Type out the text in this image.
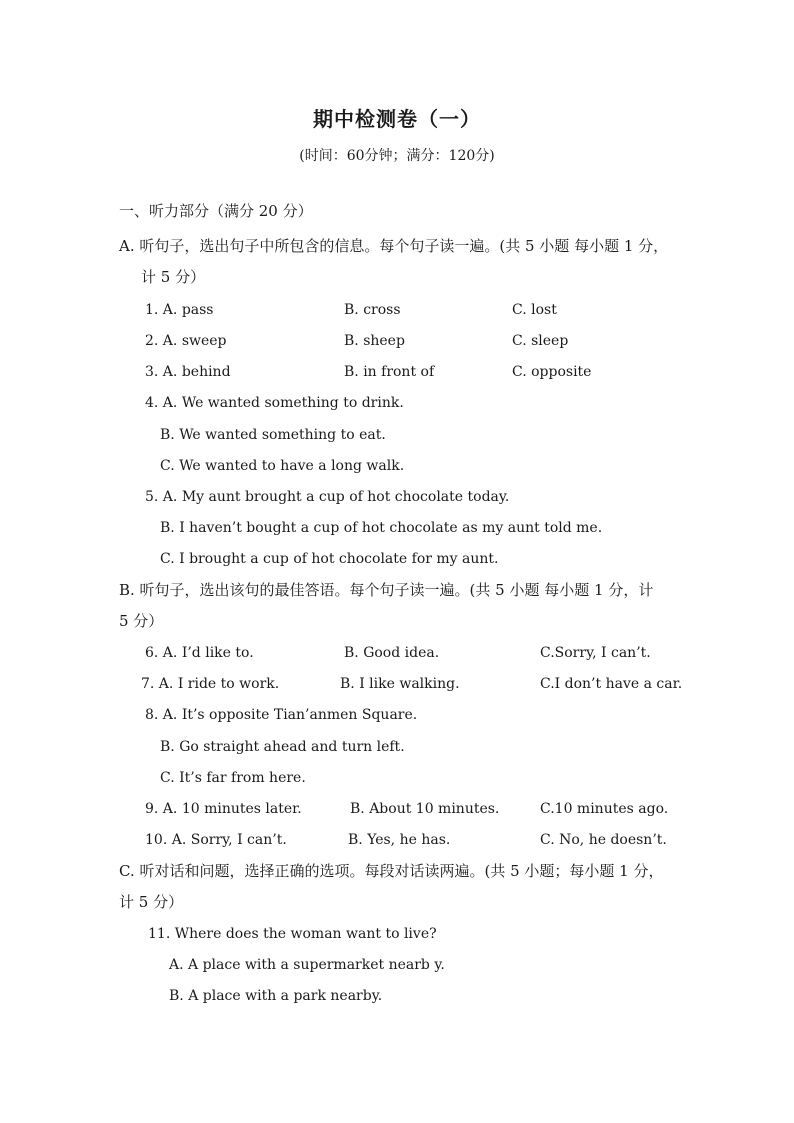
期中检测卷（一）
(时间：60分钟；满分：120分)
一、听力部分（满分 20 分）
A. 听句子，选出句子中所包含的信息。每个句子读一遍。(共 5 小题 每小题 1 分，
计 5 分）
1. A. pass	B. cross	C. lost
2. A. sweep	B. sheep	C. sleep
3. A. behind	B. in front of	C. opposite
4. A. We wanted something to drink.
B. We wanted something to eat.
C. We wanted to have a long walk.
5. A. My aunt brought a cup of hot chocolate today.
B. I haven’t bought a cup of hot chocolate as my aunt told me.
C. I brought a cup of hot chocolate for my aunt.
B. 听句子，选出该句的最佳答语。每个句子读一遍。(共 5 小题 每小题 1 分，计
5 分）
6. A. I’d like to.	B. Good idea.	C.Sorry, I can’t.
7. A. I ride to work.	B. I like walking.	C.I don’t have a car.
8. A. It’s opposite Tian’anmen Square.
B. Go straight ahead and turn left.
C. It’s far from here.
9. A. 10 minutes later.	B. About 10 minutes.	C.10 minutes ago.
10. A. Sorry, I can’t.	B. Yes, he has.	C. No, he doesn’t.
C. 听对话和问题，选择正确的选项。每段对话读两遍。(共 5 小题；每小题 1 分，
计 5 分）
11. Where does the woman want to live?
A. A place with a supermarket nearb y.
B. A place with a park nearby.
